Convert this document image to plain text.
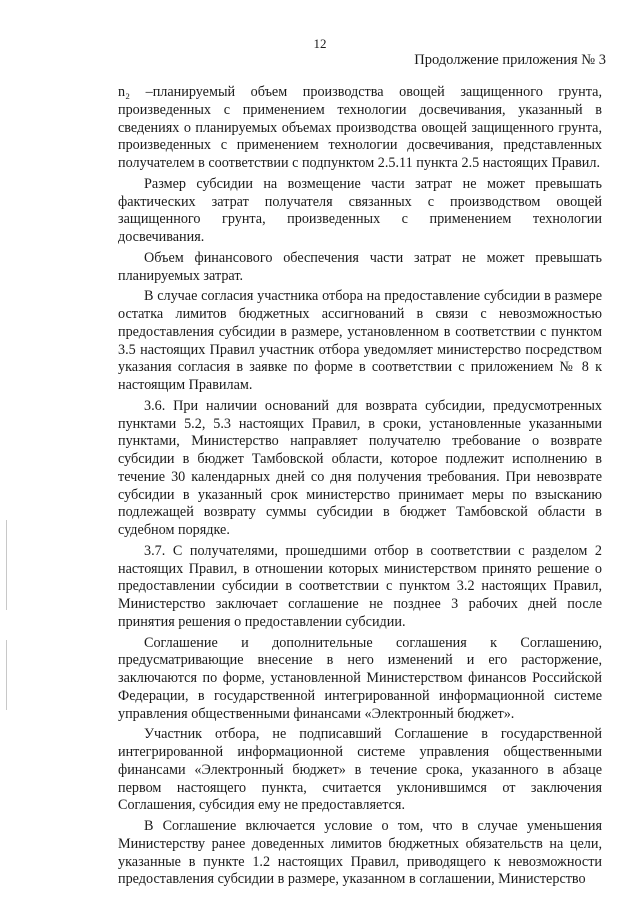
12
Продолжение приложения № 3

n₂ –планируемый объем производства овощей защищенного грунта, произведенных с применением технологии досвечивания, указанный в сведениях о планируемых объемах производства овощей защищенного грунта, произведенных с применением технологии досвечивания, представленных получателем в соответствии с подпунктом 2.5.11 пункта 2.5 настоящих Правил.

Размер субсидии на возмещение части затрат не может превышать фактических затрат получателя связанных с производством овощей защищенного грунта, произведенных с применением технологии досвечивания.

Объем финансового обеспечения части затрат не может превышать планируемых затрат.

В случае согласия участника отбора на предоставление субсидии в размере остатка лимитов бюджетных ассигнований в связи с невозможностью предоставления субсидии в размере, установленном в соответствии с пунктом 3.5 настоящих Правил участник отбора уведомляет министерство посредством указания согласия в заявке по форме в соответствии с приложением № 8 к настоящим Правилам.

3.6. При наличии оснований для возврата субсидии, предусмотренных пунктами 5.2, 5.3 настоящих Правил, в сроки, установленные указанными пунктами, Министерство направляет получателю требование о возврате субсидии в бюджет Тамбовской области, которое подлежит исполнению в течение 30 календарных дней со дня получения требования. При невозврате субсидии в указанный срок министерство принимает меры по взысканию подлежащей возврату суммы субсидии в бюджет Тамбовской области в судебном порядке.

3.7. С получателями, прошедшими отбор в соответствии с разделом 2 настоящих Правил, в отношении которых министерством принято решение о предоставлении субсидии в соответствии с пунктом 3.2 настоящих Правил, Министерство заключает соглашение не позднее 3 рабочих дней после принятия решения о предоставлении субсидии.

Соглашение и дополнительные соглашения к Соглашению, предусматривающие внесение в него изменений и его расторжение, заключаются по форме, установленной Министерством финансов Российской Федерации, в государственной интегрированной информационной системе управления общественными финансами «Электронный бюджет».

Участник отбора, не подписавший Соглашение в государственной интегрированной информационной системе управления общественными финансами «Электронный бюджет» в течение срока, указанного в абзаце первом настоящего пункта, считается уклонившимся от заключения Соглашения, субсидия ему не предоставляется.

В Соглашение включается условие о том, что в случае уменьшения Министерству ранее доведенных лимитов бюджетных обязательств на цели, указанные в пункте 1.2 настоящих Правил, приводящего к невозможности предоставления субсидии в размере, указанном в соглашении, Министерство
